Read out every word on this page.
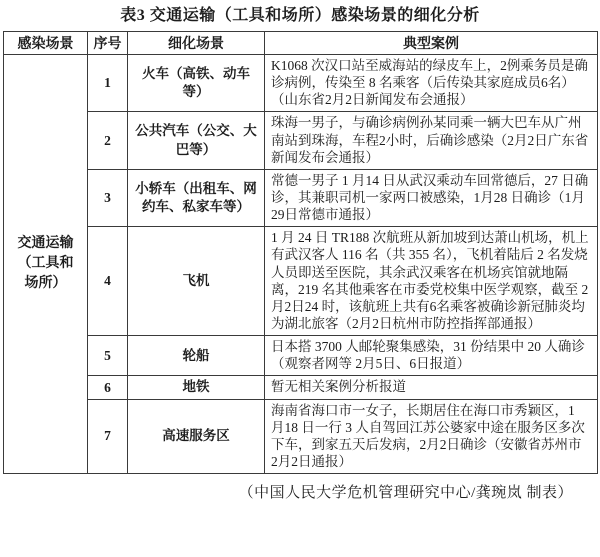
表3 交通运输（工具和场所）感染场景的细化分析
感染场景	序号	细化场景	典型案例
交通运输（工具和场所）	1	火车（高铁、动车等）	K1068 次汉口站至威海站的绿皮车上，2例乘务员是确诊病例，传染至 8 名乘客（后传染其家庭成员6名）（山东省2月2日新闻发布会通报）
	2	公共汽车（公交、大巴等）	珠海一男子，与确诊病例孙某同乘一辆大巴车从广州南站到珠海，车程2小时，后确诊感染（2月2日广东省新闻发布会通报）
	3	小轿车（出租车、网约车、私家车等）	常德一男子 1 月14 日从武汉乘动车回常德后，27 日确诊，其兼职司机一家两口被感染，1月28 日确诊（1月29日常德市通报）
	4	飞机	1 月 24 日 TR188 次航班从新加坡到达萧山机场，机上有武汉客人 116 名（共 355 名），飞机着陆后 2 名发烧人员即送至医院，其余武汉乘客在机场宾馆就地隔离，219 名其他乘客在市委党校集中医学观察，截至 2月2日24 时，该航班上共有6名乘客被确诊新冠肺炎均为湖北旅客（2月2日杭州市防控指挥部通报）
	5	轮船	日本搭 3700 人邮轮聚集感染，31 份结果中 20 人确诊（观察者网等 2月5日、6日报道）
	6	地铁	暂无相关案例分析报道
	7	高速服务区	海南省海口市一女子，长期居住在海口市秀颖区，1 月18 日一行 3 人自驾回江苏公婆家中途在服务区多次下车，到家五天后发病，2月2日确诊（安徽省苏州市 2月2日通报）
（中国人民大学危机管理研究中心/龚琬岚 制表）
